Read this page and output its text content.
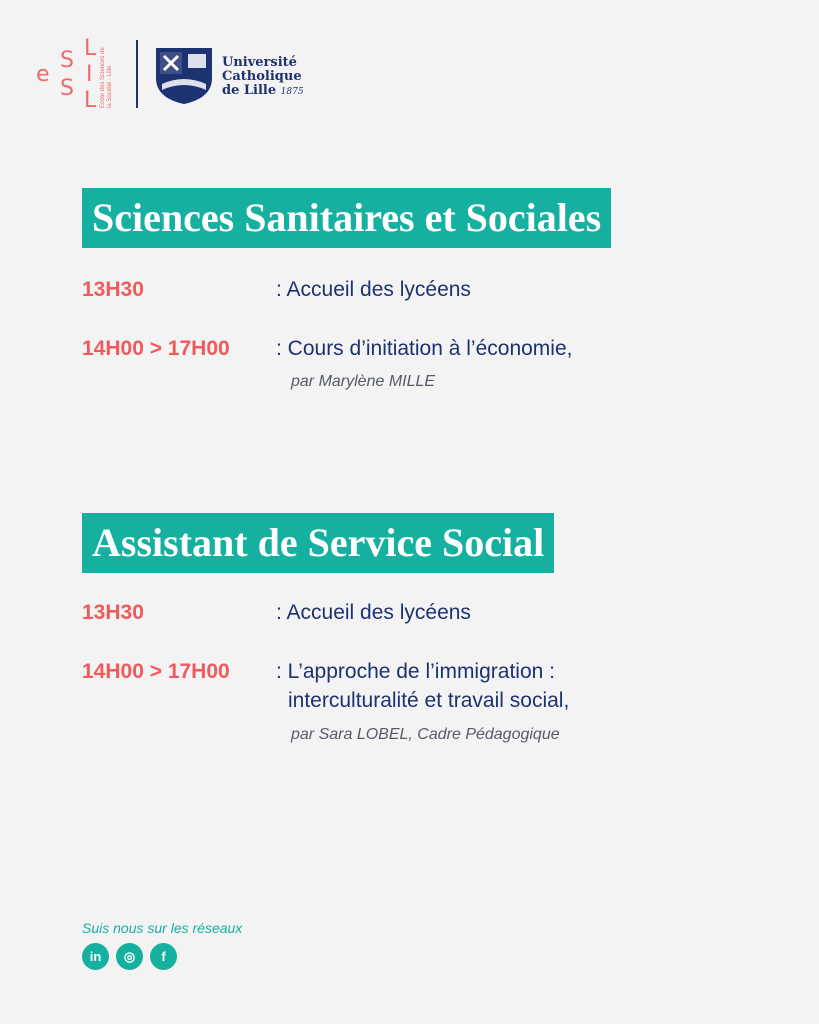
e
S
S
L
I
L École des Sciences de la Société · Lille
Université
Catholique
de Lille 1875
Sciences Sanitaires et Sociales
13H30	: Accueil des lycéens
14H00 > 17H00 : Cours d’initiation à l’économie,
par Marylène MILLE
Assistant de Service Social
13H30	: Accueil des lycéens
14H00 > 17H00 : L’approche de l’immigration :
interculturalité et travail social,
par Sara LOBEL, Cadre Pédagogique
Suis nous sur les réseaux
in	◎	f
